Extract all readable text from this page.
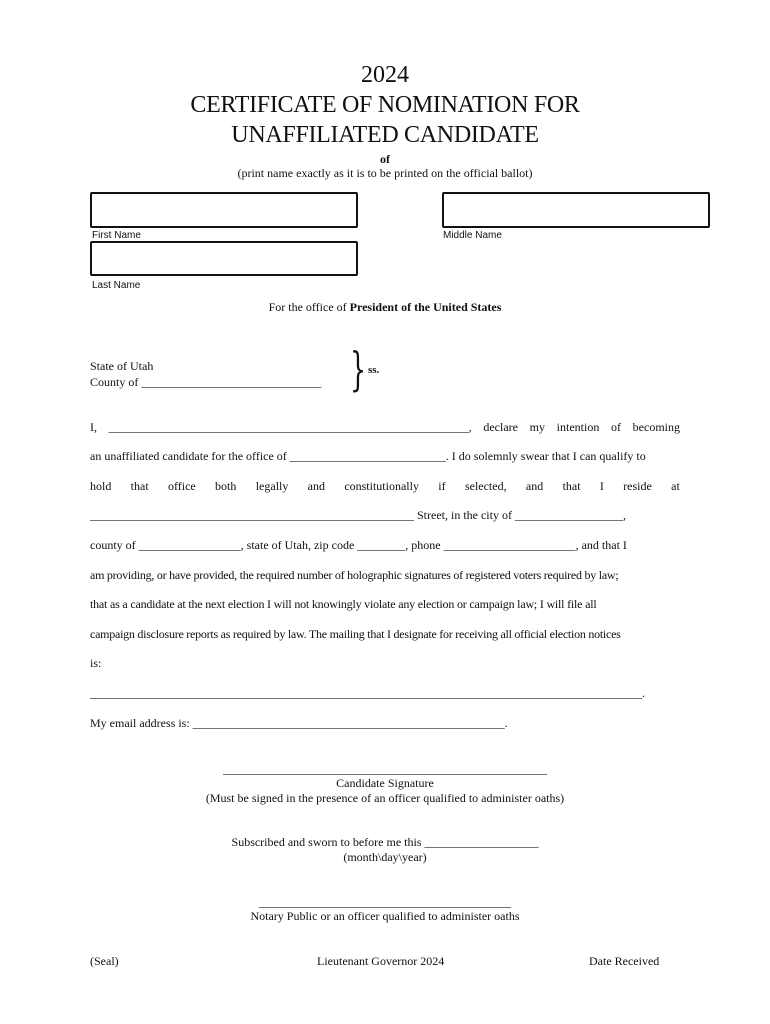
2024
CERTIFICATE OF NOMINATION FOR
UNAFFILIATED CANDIDATE
of
(print name exactly as it is to be printed on the official ballot)
First Name	Middle Name
Last Name
For the office of President of the United States
State of Utah
County of ______________________________ } ss.
I, ____________________________________________________________, declare my intention of becoming
an unaffiliated candidate for the office of __________________________. I do solemnly swear that I can qualify to
hold that office both legally and constitutionally if selected, and that I reside at
______________________________________________________ Street, in the city of __________________,
county of _________________, state of Utah, zip code ________, phone ______________________, and that I
am providing, or have provided, the required number of holographic signatures of registered voters required by law;
that as a candidate at the next election I will not knowingly violate any election or campaign law; I will file all
campaign disclosure reports as required by law. The mailing that I designate for receiving all official election notices
is:
____________________________________________________________________________________________.
My email address is: ____________________________________________________.
______________________________________________________
Candidate Signature
(Must be signed in the presence of an officer qualified to administer oaths)
Subscribed and sworn to before me this ___________________
(month\day\year)
__________________________________________
Notary Public or an officer qualified to administer oaths
(Seal)	Lieutenant Governor 2024	Date Received
